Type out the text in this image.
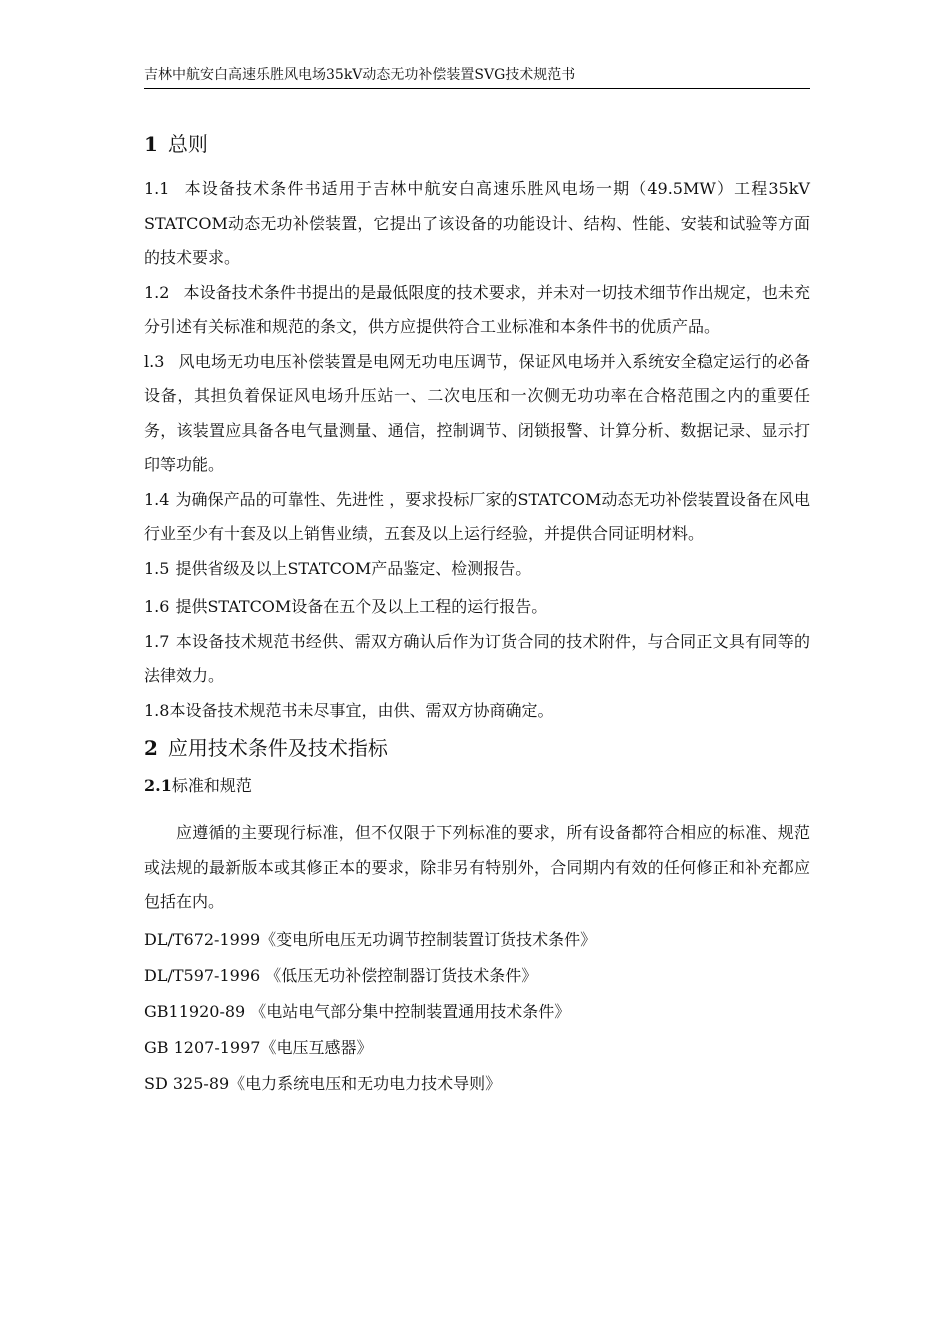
吉林中航安白高速乐胜风电场35kV动态无功补偿装置SVG技术规范书
1 总则

1.1 本设备技术条件书适用于吉林中航安白高速乐胜风电场一期（49.5MW）工程35kV STATCOM动态无功补偿装置，它提出了该设备的功能设计、结构、性能、安装和试验等方面的技术要求。

1.2 本设备技术条件书提出的是最低限度的技术要求，并未对一切技术细节作出规定，也未充分引述有关标准和规范的条文，供方应提供符合工业标准和本条件书的优质产品。

l.3 风电场无功电压补偿装置是电网无功电压调节，保证风电场并入系统安全稳定运行的必备设备，其担负着保证风电场升压站一、二次电压和一次侧无功功率在合格范围之内的重要任务，该装置应具备各电气量测量、通信，控制调节、闭锁报警、计算分析、数据记录、显示打印等功能。

1.4 为确保产品的可靠性、先进性 ，要求投标厂家的STATCOM动态无功补偿装置设备在风电行业至少有十套及以上销售业绩，五套及以上运行经验，并提供合同证明材料。

1.5 提供省级及以上STATCOM产品鉴定、检测报告。

1.6 提供STATCOM设备在五个及以上工程的运行报告。

1.7 本设备技术规范书经供、需双方确认后作为订货合同的技术附件，与合同正文具有同等的法律效力。

1.8本设备技术规范书未尽事宜，由供、需双方协商确定。

2 应用技术条件及技术指标
2.1标准和规范

应遵循的主要现行标准，但不仅限于下列标准的要求，所有设备都符合相应的标准、规范或法规的最新版本或其修正本的要求，除非另有特别外，合同期内有效的任何修正和补充都应包括在内。

DL/T672-1999《变电所电压无功调节控制装置订货技术条件》

DL/T597-1996 《低压无功补偿控制器订货技术条件》

GB11920-89 《电站电气部分集中控制装置通用技术条件》

GB 1207-1997《电压互感器》

SD 325-89《电力系统电压和无功电力技术导则》
